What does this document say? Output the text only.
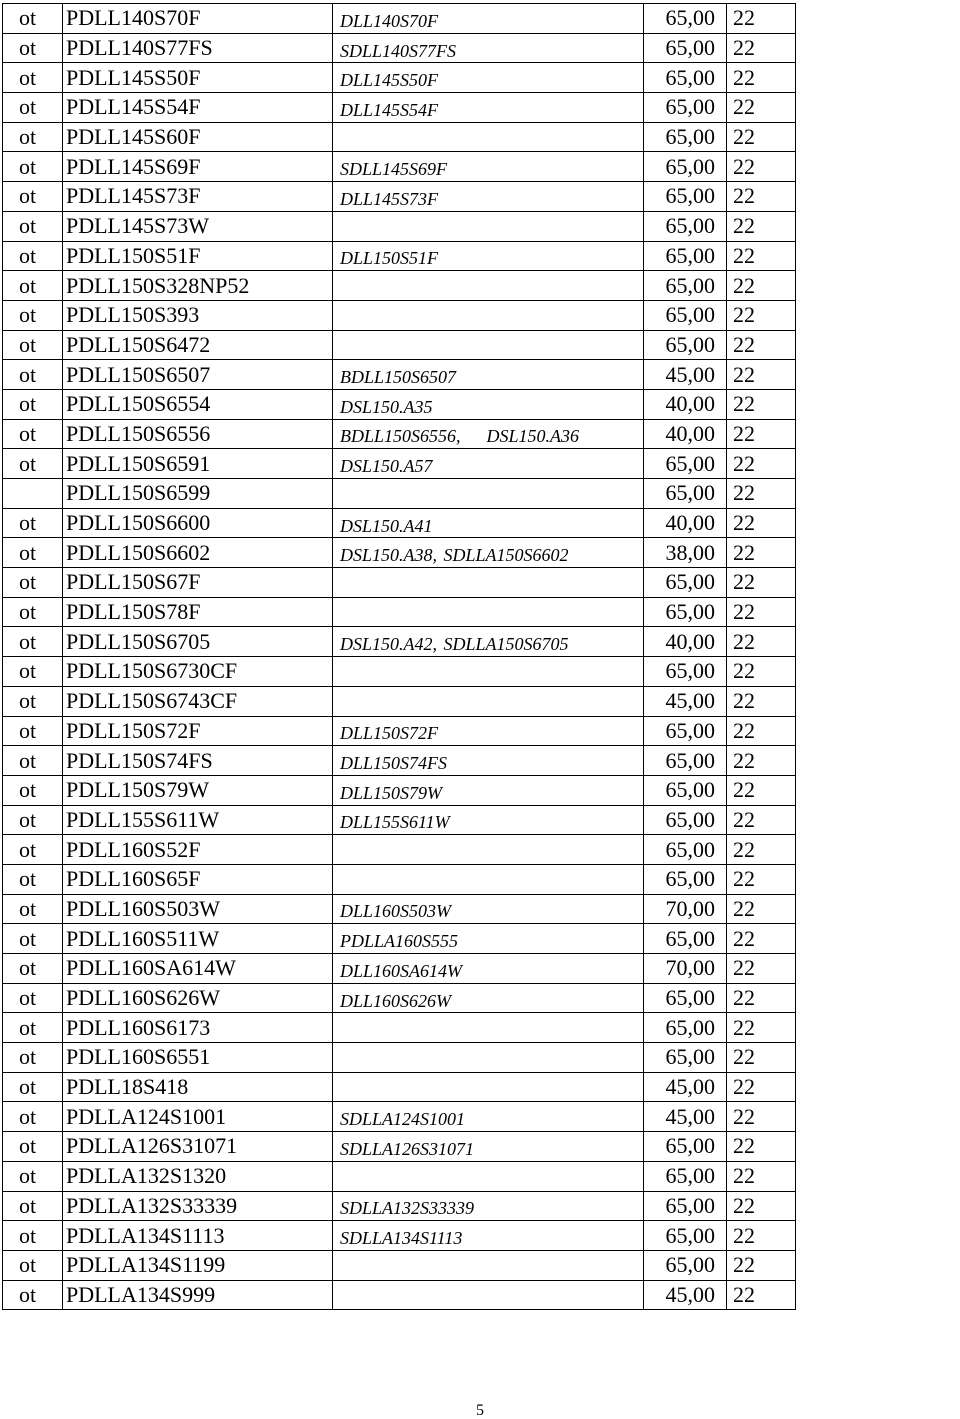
ot	PDLL140S70F	DLL140S70F	65,00	22
ot	PDLL140S77FS	SDLL140S77FS	65,00	22
ot	PDLL145S50F	DLL145S50F	65,00	22
ot	PDLL145S54F	DLL145S54F	65,00	22
ot	PDLL145S60F		65,00	22
ot	PDLL145S69F	SDLL145S69F	65,00	22
ot	PDLL145S73F	DLL145S73F	65,00	22
ot	PDLL145S73W		65,00	22
ot	PDLL150S51F	DLL150S51F	65,00	22
ot	PDLL150S328NP52		65,00	22
ot	PDLL150S393		65,00	22
ot	PDLL150S6472		65,00	22
ot	PDLL150S6507	BDLL150S6507	45,00	22
ot	PDLL150S6554	DSL150.A35	40,00	22
ot	PDLL150S6556	BDLL150S6556, DSL150.A36	40,00	22
ot	PDLL150S6591	DSL150.A57	65,00	22
	PDLL150S6599		65,00	22
ot	PDLL150S6600	DSL150.A41	40,00	22
ot	PDLL150S6602	DSL150.A38, SDLLA150S6602	38,00	22
ot	PDLL150S67F		65,00	22
ot	PDLL150S78F		65,00	22
ot	PDLL150S6705	DSL150.A42, SDLLA150S6705	40,00	22
ot	PDLL150S6730CF		65,00	22
ot	PDLL150S6743CF		45,00	22
ot	PDLL150S72F	DLL150S72F	65,00	22
ot	PDLL150S74FS	DLL150S74FS	65,00	22
ot	PDLL150S79W	DLL150S79W	65,00	22
ot	PDLL155S611W	DLL155S611W	65,00	22
ot	PDLL160S52F		65,00	22
ot	PDLL160S65F		65,00	22
ot	PDLL160S503W	DLL160S503W	70,00	22
ot	PDLL160S511W	PDLLA160S555	65,00	22
ot	PDLL160SA614W	DLL160SA614W	70,00	22
ot	PDLL160S626W	DLL160S626W	65,00	22
ot	PDLL160S6173		65,00	22
ot	PDLL160S6551		65,00	22
ot	PDLL18S418		45,00	22
ot	PDLLA124S1001	SDLLA124S1001	45,00	22
ot	PDLLA126S31071	SDLLA126S31071	65,00	22
ot	PDLLA132S1320		65,00	22
ot	PDLLA132S33339	SDLLA132S33339	65,00	22
ot	PDLLA134S1113	SDLLA134S1113	65,00	22
ot	PDLLA134S1199		65,00	22
ot	PDLLA134S999		45,00	22
5
